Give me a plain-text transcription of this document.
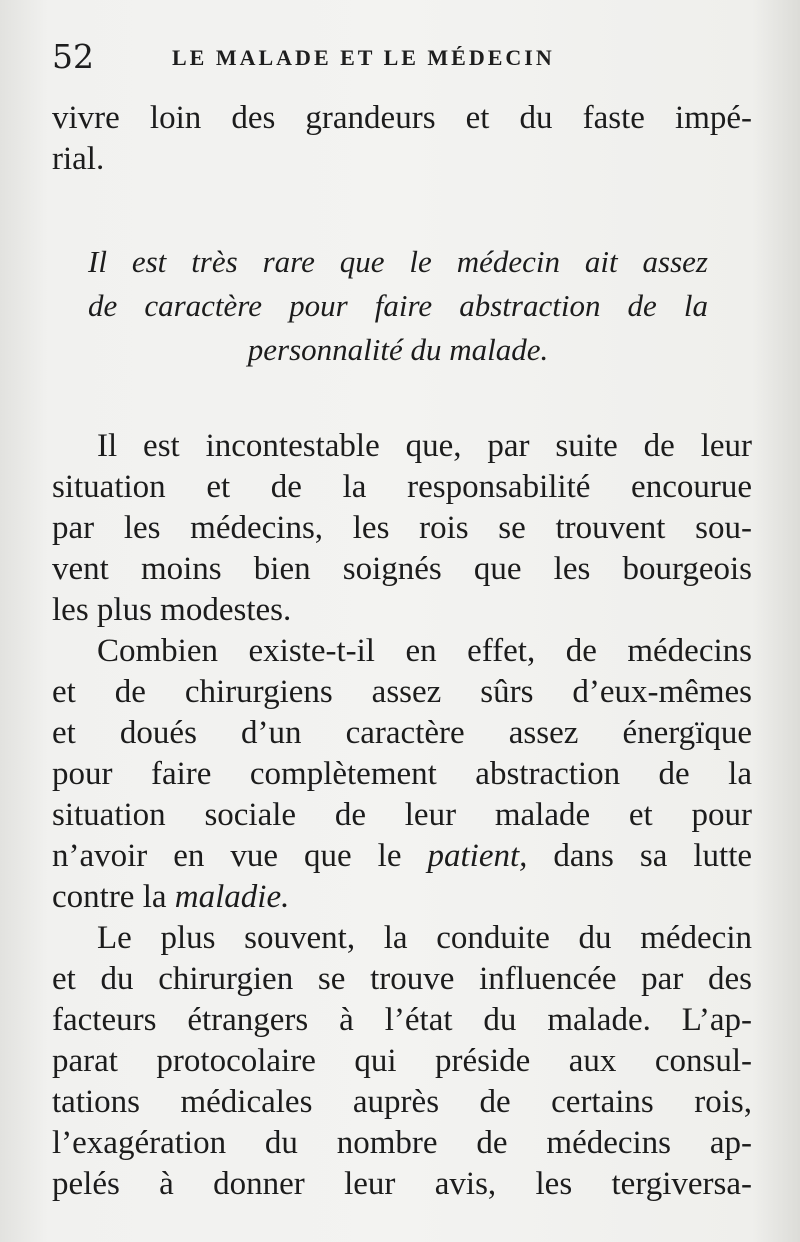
52	LE MALADE ET LE MÉDECIN
vivre loin des grandeurs et du faste impé-
rial.
Il est très rare que le médecin ait assez
de caractère pour faire abstraction de la
personnalité du malade.
Il est incontestable que, par suite de leur
situation et de la responsabilité encourue
par les médecins, les rois se trouvent sou-
vent moins bien soignés que les bourgeois
les plus modestes.
Combien existe-t-il en effet, de médecins
et de chirurgiens assez sûrs d’eux-mêmes
et doués d’un caractère assez énergïque
pour faire complètement abstraction de la
situation sociale de leur malade et pour
n’avoir en vue que le patient, dans sa lutte
contre la maladie.
Le plus souvent, la conduite du médecin
et du chirurgien se trouve influencée par des
facteurs étrangers à l’état du malade. L’ap-
parat protocolaire qui préside aux consul-
tations médicales auprès de certains rois,
l’exagération du nombre de médecins ap-
pelés à donner leur avis, les tergiversa-
